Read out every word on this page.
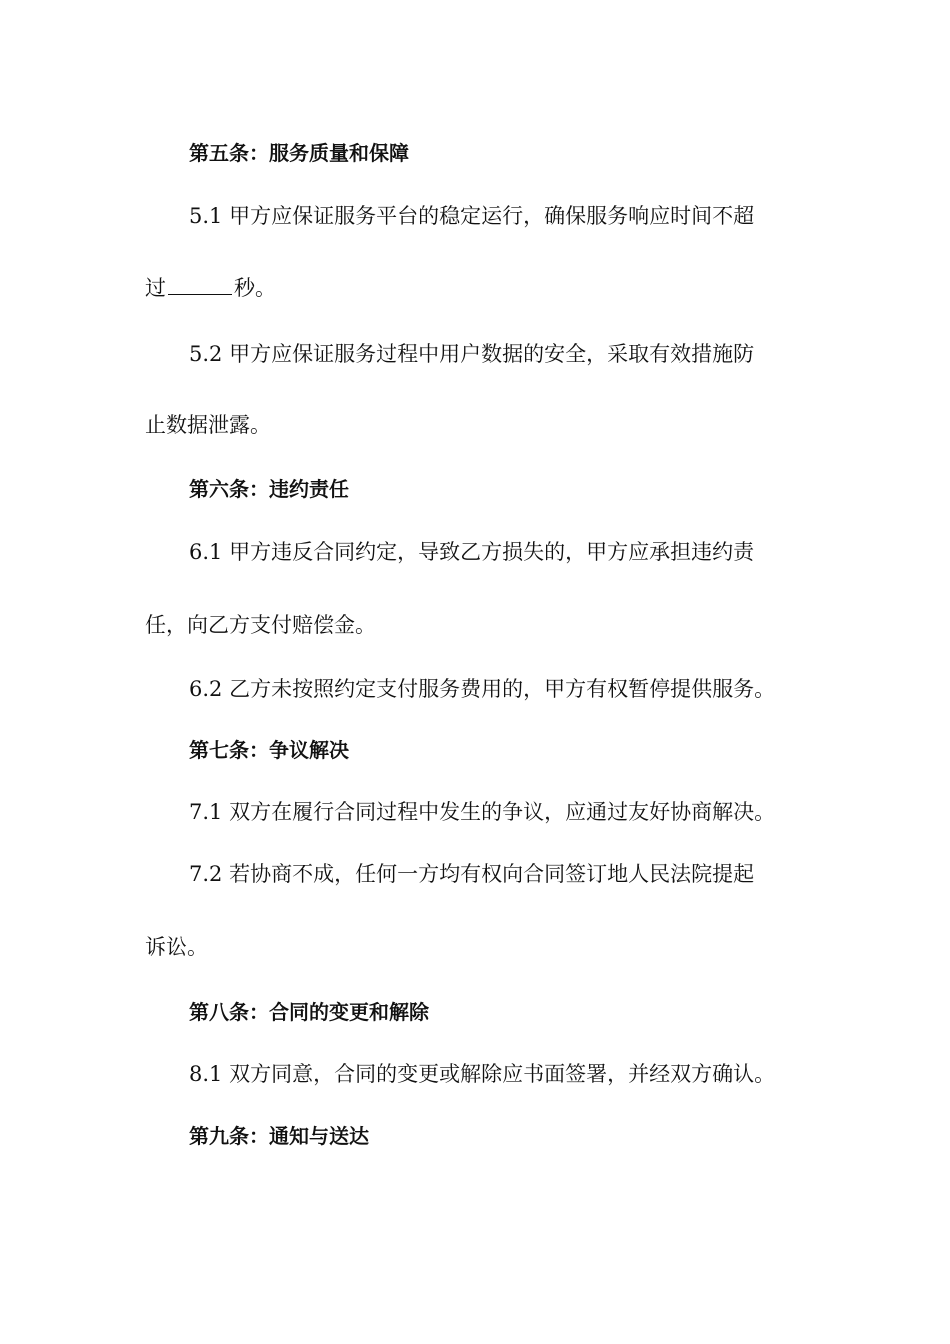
第五条：服务质量和保障

5.1 甲方应保证服务平台的稳定运行，确保服务响应时间不超

过	秒。

5.2 甲方应保证服务过程中用户数据的安全，采取有效措施防

止数据泄露。

第六条：违约责任

6.1 甲方违反合同约定，导致乙方损失的，甲方应承担违约责

任，向乙方支付赔偿金。

6.2 乙方未按照约定支付服务费用的，甲方有权暂停提供服务。

第七条：争议解决

7.1 双方在履行合同过程中发生的争议，应通过友好协商解决。

7.2 若协商不成，任何一方均有权向合同签订地人民法院提起

诉讼。

第八条：合同的变更和解除

8.1 双方同意，合同的变更或解除应书面签署，并经双方确认。

第九条：通知与送达
